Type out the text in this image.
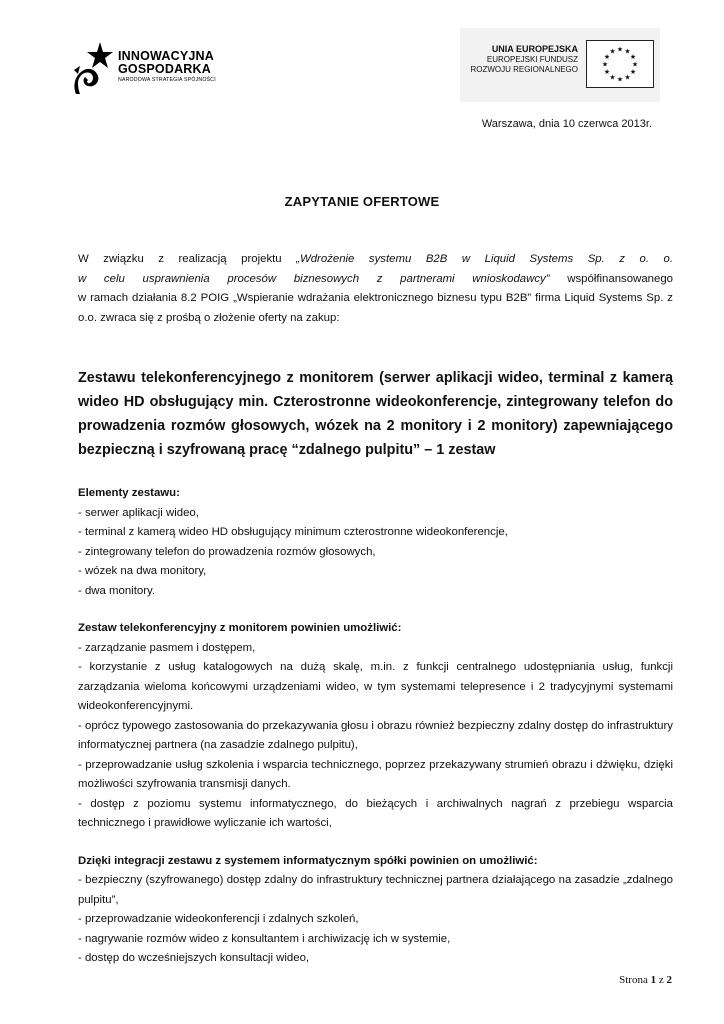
INNOWACYJNA
GOSPODARKA
NARODOWA STRATEGIA SPÓJNOŚCI
UNIA EUROPEJSKA
EUROPEJSKI FUNDUSZ
ROZWOJU REGIONALNEGO
★ ★
★
★
★
★
★
★
★
★
★
★
Warszawa, dnia 10 czerwca 2013r.
ZAPYTANIE OFERTOWE

W związku z realizacją projektu „Wdrożenie systemu B2B w Liquid Systems Sp. z o. o.

w celu usprawnienia procesów biznesowych z partnerami wnioskodawcy” współfinansowanego

w ramach działania 8.2 POIG „Wspieranie wdrażania elektronicznego biznesu typu B2B” firma Liquid Systems Sp. z o.o. zwraca się z prośbą o złożenie oferty na zakup:

Zestawu telekonferencyjnego z monitorem (serwer aplikacji wideo, terminal z kamerą wideo HD obsługujący min. Czterostronne wideokonferencje, zintegrowany telefon do prowadzenia rozmów głosowych, wózek na 2 monitory i 2 monitory) zapewniającego bezpieczną i szyfrowaną pracę “zdalnego pulpitu” – 1 zestaw

Elementy zestawu:

- serwer aplikacji wideo,

- terminal z kamerą wideo HD obsługujący minimum czterostronne wideokonferencje,

- zintegrowany telefon do prowadzenia rozmów głosowych,

- wózek na dwa monitory,

- dwa monitory.

Zestaw telekonferencyjny z monitorem powinien umożliwić:

- zarządzanie pasmem i dostępem,

- korzystanie z usług katalogowych na dużą skalę, m.in. z funkcji centralnego udostępniania usług, funkcji zarządzania wieloma końcowymi urządzeniami wideo, w tym systemami telepresence i 2 tradycyjnymi systemami wideokonferencyjnymi.

- oprócz typowego zastosowania do przekazywania głosu i obrazu również bezpieczny zdalny dostęp do infrastruktury informatycznej partnera (na zasadzie zdalnego pulpitu),

- przeprowadzanie usług szkolenia i wsparcia technicznego, poprzez przekazywany strumień obrazu i dźwięku, dzięki możliwości szyfrowania transmisji danych.

- dostęp z poziomu systemu informatycznego, do bieżących i archiwalnych nagrań z przebiegu wsparcia technicznego i prawidłowe wyliczanie ich wartości,

Dzięki integracji zestawu z systemem informatycznym spółki powinien on umożliwić:

- bezpieczny (szyfrowanego) dostęp zdalny do infrastruktury technicznej partnera działającego na zasadzie „zdalnego pulpitu”,

- przeprowadzanie wideokonferencji i zdalnych szkoleń,

- nagrywanie rozmów wideo z konsultantem i archiwizację ich w systemie,

- dostęp do wcześniejszych konsultacji wideo,

Strona 1 z 2
